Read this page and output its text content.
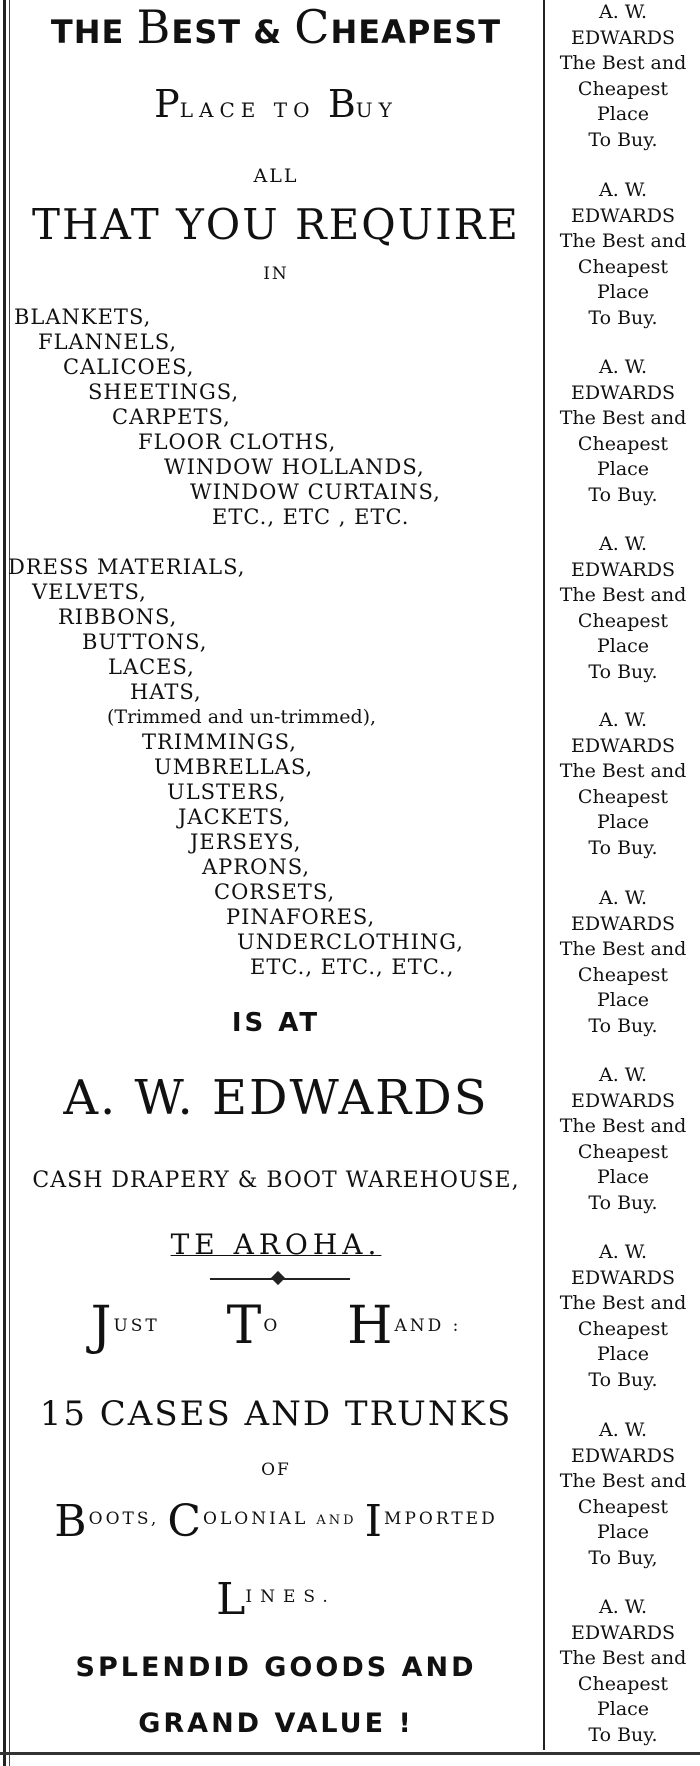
THE BEST & CHEAPEST
PLACE TO BUY
ALL
THAT YOU REQUIRE
IN
BLANKETS,
FLANNELS,
CALICOES,
SHEETINGS,
CARPETS,
FLOOR CLOTHS,
WINDOW HOLLANDS,
WINDOW CURTAINS,
ETC., ETC , ETC.
DRESS MATERIALS,
VELVETS,
RIBBONS,
BUTTONS,
LACES,
HATS,
(Trimmed and un-trimmed),
TRIMMINGS,
UMBRELLAS,
ULSTERS,
JACKETS,
JERSEYS,
APRONS,
CORSETS,
PINAFORES,
UNDERCLOTHING,
ETC., ETC., ETC.,
IS AT
A. W. EDWARDS
CASH DRAPERY & BOOT WAREHOUSE,
TE AROHA.
$J^{UST}$ $T^O$ $H^{AND :}$
15 CASES AND TRUNKS
OF
BOOTS, COLONIAL $^{AND}$ IMPORTED
LINES.
SPLENDID GOODS AND
GRAND VALUE !
A. W.
EDWARDS
The Best and
Cheapest
Place
To Buy.
A. W.
EDWARDS
The Best and
Cheapest
Place
To Buy.
A. W.
EDWARDS
The Best and
Cheapest
Place
To Buy.
A. W.
EDWARDS
The Best and
Cheapest
Place
To Buy.
A. W.
EDWARDS
The Best and
Cheapest
Place
To Buy.
A. W.
EDWARDS
The Best and
Cheapest
Place
To Buy.
A. W.
EDWARDS
The Best and
Cheapest
Place
To Buy.
A. W.
EDWARDS
The Best and
Cheapest
Place
To Buy.
A. W.
EDWARDS
The Best and
Cheapest
Place
To Buy,
A. W.
EDWARDS
The Best and
Cheapest
Place
To Buy.
